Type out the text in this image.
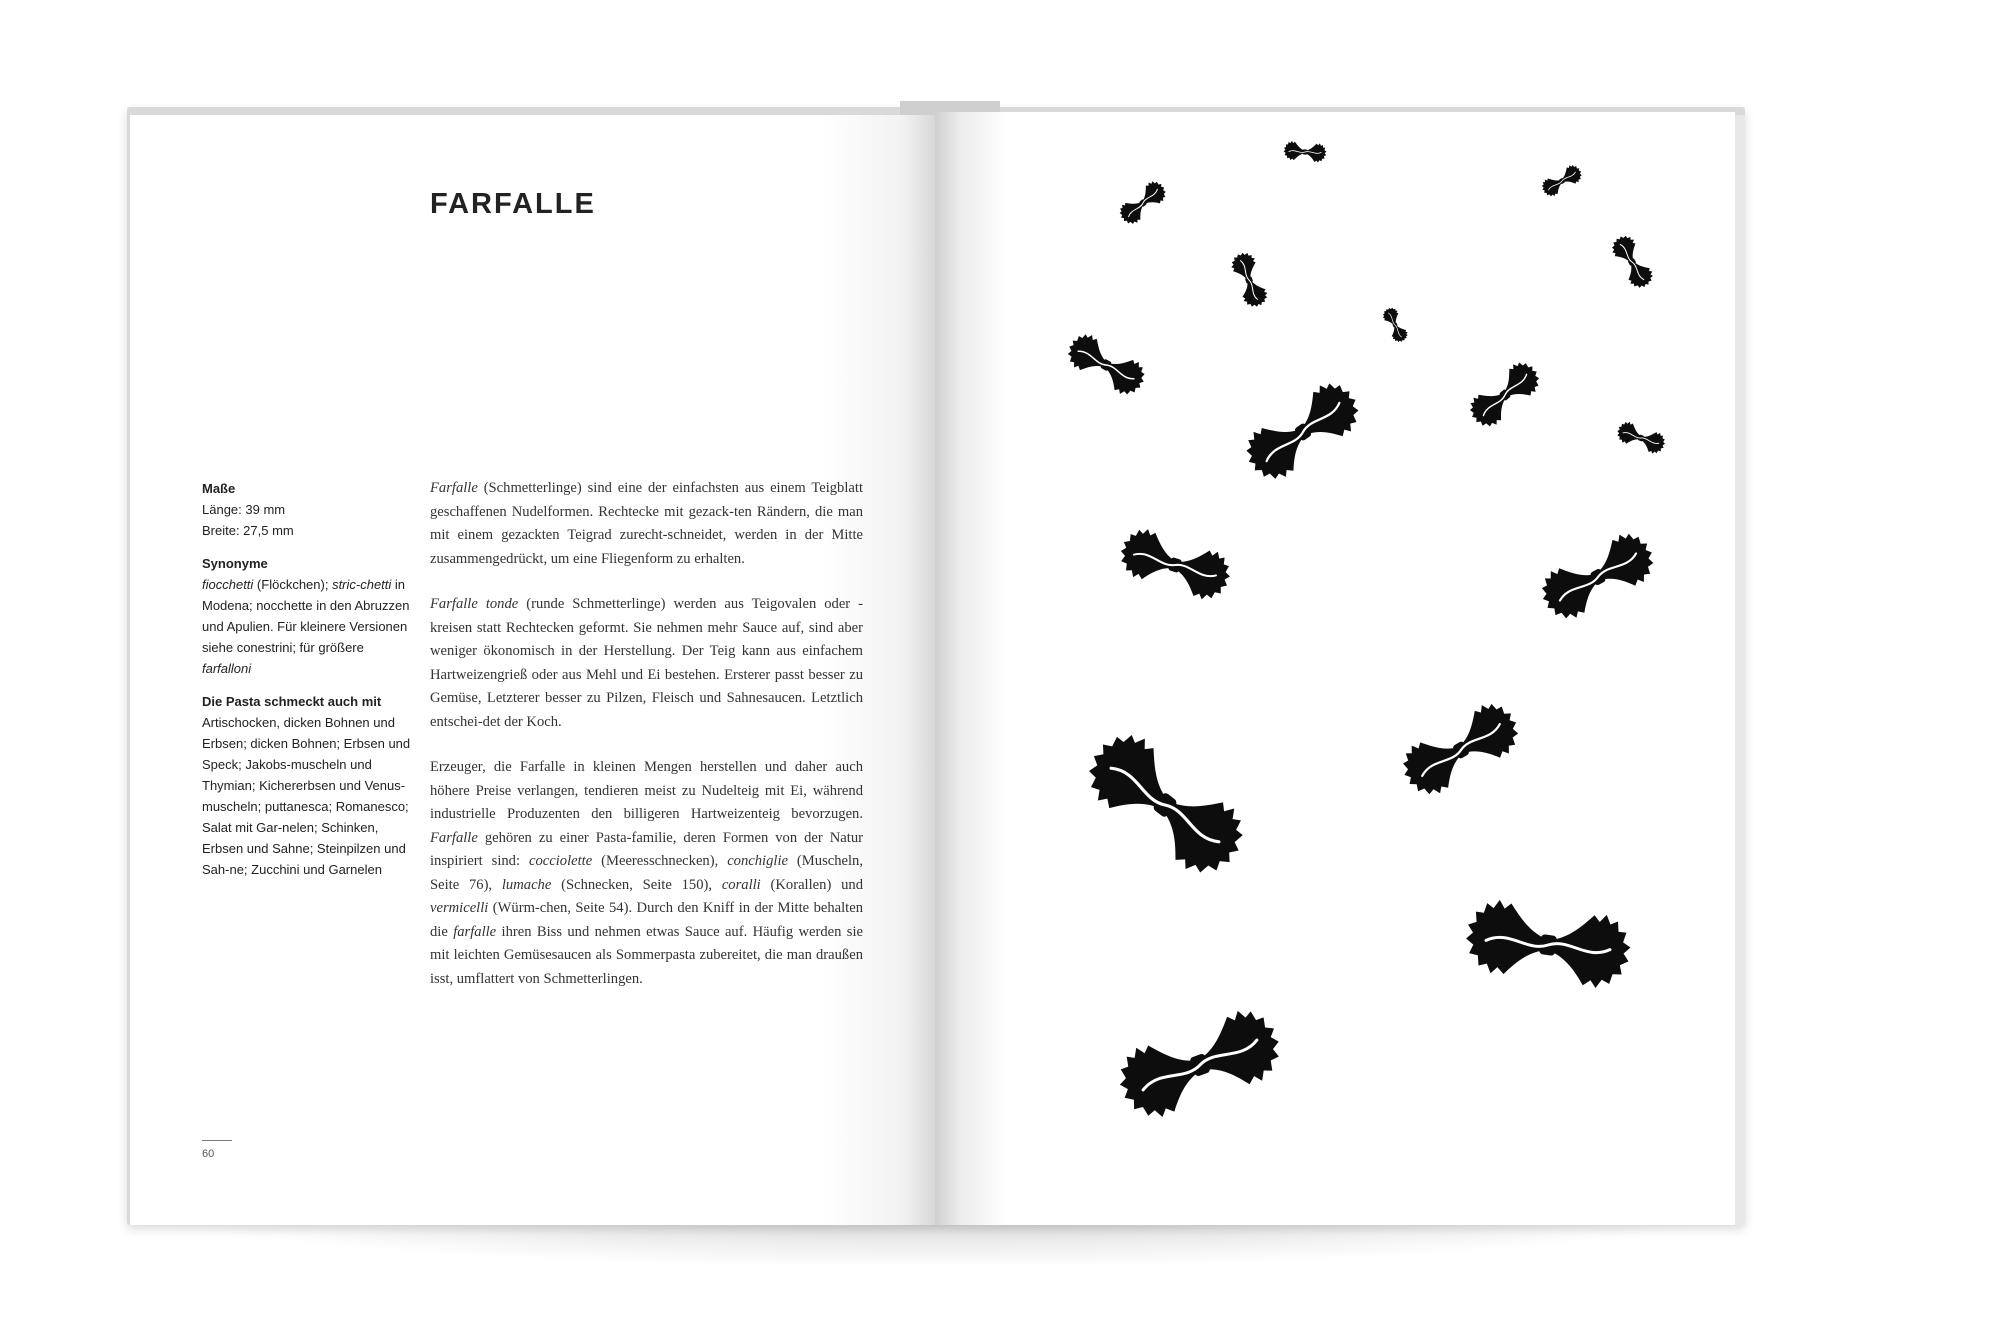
FARFALLE

Maße

Länge: 39 mm

Breite: 27,5 mm

Synonyme

fiocchetti (Flöckchen); stric-chetti in Modena; nocchette in den Abruzzen und Apulien. Für kleinere Versionen siehe conestrini; für größere farfalloni

Die Pasta schmeckt auch mit

Artischocken, dicken Bohnen und Erbsen; dicken Bohnen; Erbsen und Speck; Jakobs-muscheln und Thymian; Kichererbsen und Venus-muscheln; puttanesca; Romanesco; Salat mit Gar-nelen; Schinken, Erbsen und Sahne; Steinpilzen und Sah-ne; Zucchini und Garnelen

Farfalle (Schmetterlinge) sind eine der einfachsten aus einem Teigblatt geschaffenen Nudelformen. Rechtecke mit gezack-ten Rändern, die man mit einem gezackten Teigrad zurecht-schneidet, werden in der Mitte zusammengedrückt, um eine Fliegenform zu erhalten.

Farfalle tonde (runde Schmetterlinge) werden aus Teigovalen oder -kreisen statt Rechtecken geformt. Sie nehmen mehr Sauce auf, sind aber weniger ökonomisch in der Herstellung. Der Teig kann aus einfachem Hartweizengrieß oder aus Mehl und Ei bestehen. Ersterer passt besser zu Gemüse, Letzterer besser zu Pilzen, Fleisch und Sahnesaucen. Letztlich entschei-det der Koch.

Erzeuger, die Farfalle in kleinen Mengen herstellen und daher auch höhere Preise verlangen, tendieren meist zu Nudelteig mit Ei, während industrielle Produzenten den billigeren Hartweizenteig bevorzugen. Farfalle gehören zu einer Pasta-familie, deren Formen von der Natur inspiriert sind: cocciolette (Meeresschnecken), conchiglie (Muscheln, Seite 76), lumache (Schnecken, Seite 150), coralli (Korallen) und vermicelli (Würm-chen, Seite 54). Durch den Kniff in der Mitte behalten die farfalle ihren Biss und nehmen etwas Sauce auf. Häufig werden sie mit leichten Gemüsesaucen als Sommerpasta zubereitet, die man draußen isst, umflattert von Schmetterlingen.

60
